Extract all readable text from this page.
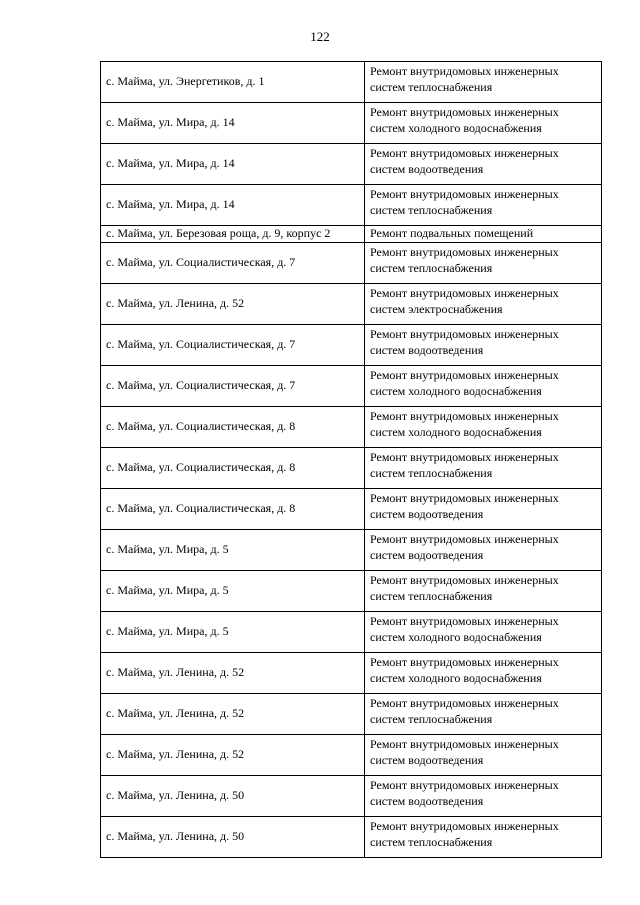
122
с. Майма, ул. Энергетиков, д. 1	Ремонт внутридомовых инженерных систем теплоснабжения
с. Майма, ул. Мира, д. 14	Ремонт внутридомовых инженерных систем холодного водоснабжения
с. Майма, ул. Мира, д. 14	Ремонт внутридомовых инженерных систем водоотведения
с. Майма, ул. Мира, д. 14	Ремонт внутридомовых инженерных систем теплоснабжения
с. Майма, ул. Березовая роща, д. 9, корпус 2	Ремонт подвальных помещений
с. Майма, ул. Социалистическая, д. 7	Ремонт внутридомовых инженерных систем теплоснабжения
с. Майма, ул. Ленина, д. 52	Ремонт внутридомовых инженерных систем электроснабжения
с. Майма, ул. Социалистическая, д. 7	Ремонт внутридомовых инженерных систем водоотведения
с. Майма, ул. Социалистическая, д. 7	Ремонт внутридомовых инженерных систем холодного водоснабжения
с. Майма, ул. Социалистическая, д. 8	Ремонт внутридомовых инженерных систем холодного водоснабжения
с. Майма, ул. Социалистическая, д. 8	Ремонт внутридомовых инженерных систем теплоснабжения
с. Майма, ул. Социалистическая, д. 8	Ремонт внутридомовых инженерных систем водоотведения
с. Майма, ул. Мира, д. 5	Ремонт внутридомовых инженерных систем водоотведения
с. Майма, ул. Мира, д. 5	Ремонт внутридомовых инженерных систем теплоснабжения
с. Майма, ул. Мира, д. 5	Ремонт внутридомовых инженерных систем холодного водоснабжения
с. Майма, ул. Ленина, д. 52	Ремонт внутридомовых инженерных систем холодного водоснабжения
с. Майма, ул. Ленина, д. 52	Ремонт внутридомовых инженерных систем теплоснабжения
с. Майма, ул. Ленина, д. 52	Ремонт внутридомовых инженерных систем водоотведения
с. Майма, ул. Ленина, д. 50	Ремонт внутридомовых инженерных систем водоотведения
с. Майма, ул. Ленина, д. 50	Ремонт внутридомовых инженерных систем теплоснабжения
